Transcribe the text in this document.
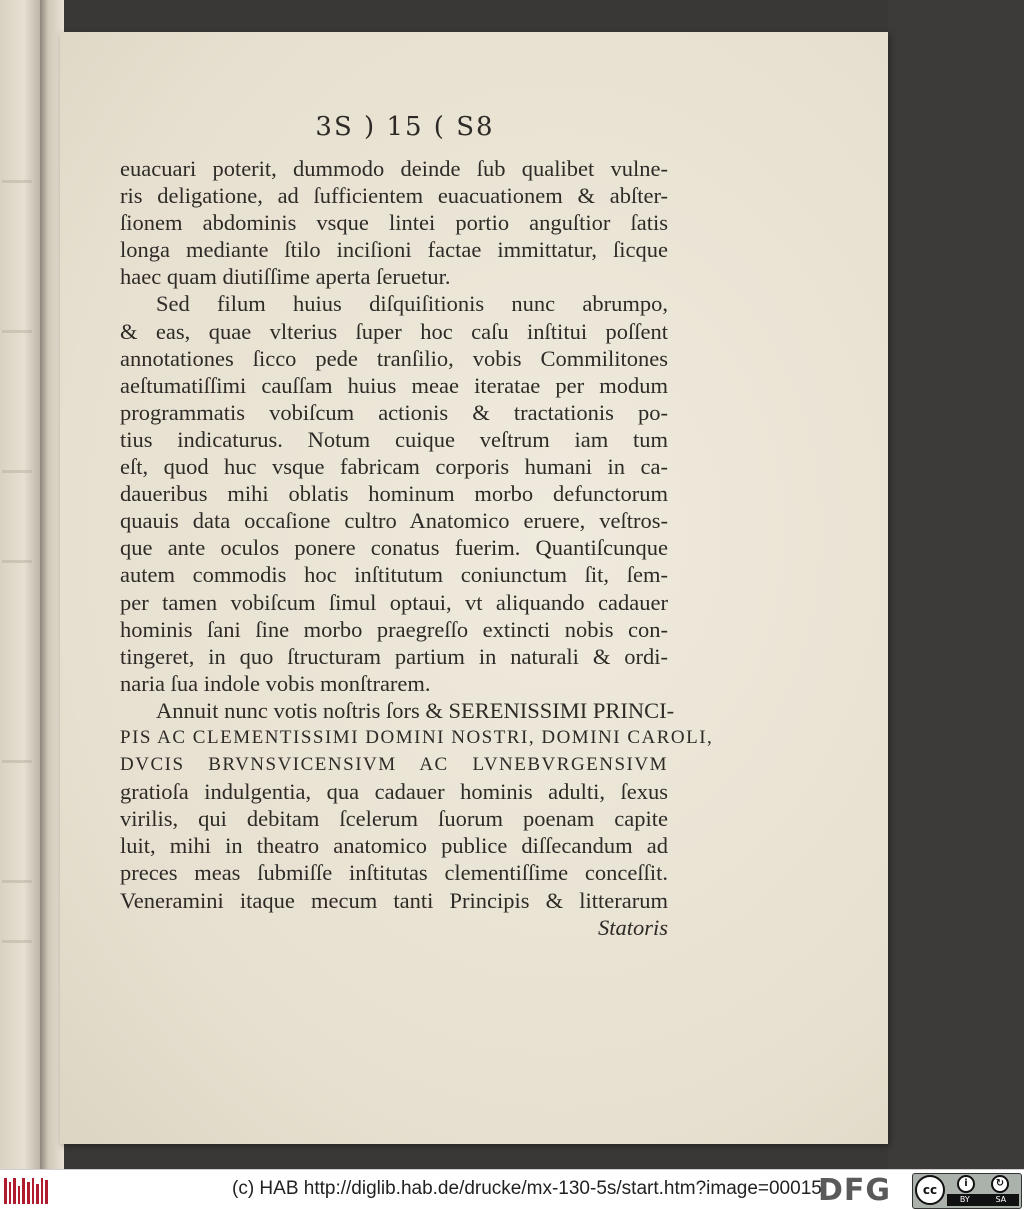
3S ) 15 ( S8
euacuari poterit, dummodo deinde ſub qualibet vulne-
ris deligatione, ad ſufficientem euacuationem & abſter-
ſionem abdominis vsque lintei portio anguſtior ſatis
longa mediante ſtilo inciſioni factae immittatur, ſicque
haec quam diutiſſime aperta ſeruetur.
Sed filum huius diſquiſitionis nunc abrumpo,
& eas, quae vlterius ſuper hoc caſu inſtitui poſſent
annotationes ſicco pede tranſilio, vobis Commilitones
aeſtumatiſſimi cauſſam huius meae iteratae per modum
programmatis vobiſcum actionis & tractationis po-
tius indicaturus. Notum cuique veſtrum iam tum
eſt, quod huc vsque fabricam corporis humani in ca-
daueribus mihi oblatis hominum morbo defunctorum
quauis data occaſione cultro Anatomico eruere, veſtros-
que ante oculos ponere conatus fuerim. Quantiſcunque
autem commodis hoc inſtitutum coniunctum ſit, ſem-
per tamen vobiſcum ſimul optaui, vt aliquando cadauer
hominis ſani ſine morbo praegreſſo extincti nobis con-
tingeret, in quo ſtructuram partium in naturali & ordi-
naria ſua indole vobis monſtrarem.
Annuit nunc votis noſtris ſors & SERENISSIMI PRINCI-
PIS AC CLEMENTISSIMI DOMINI NOSTRI, DOMINI CAROLI,
DVCIS BRVNSVICENSIVM AC LVNEBVRGENSIVM
gratioſa indulgentia, qua cadauer hominis adulti, ſexus
virilis, qui debitam ſcelerum ſuorum poenam capite
luit, mihi in theatro anatomico publice diſſecandum ad
preces meas ſubmiſſe inſtitutas clementiſſime conceſſit.
Veneramini itaque mecum tanti Principis & litterarum
Statoris
(c) HAB http://diglib.hab.de/drucke/mx-130-5s/start.htm?image=00015
DFG	cc	i	↻
BY	SA
